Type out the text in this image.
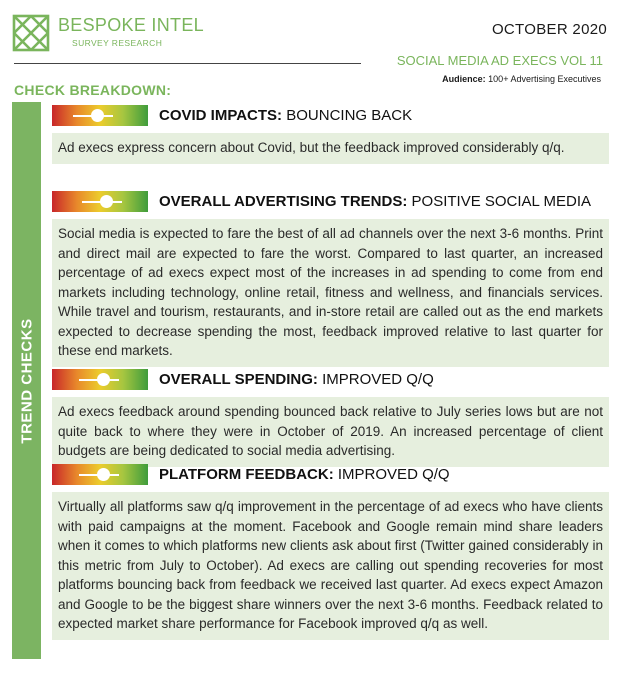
BESPOKE INTEL
SURVEY RESEARCH
OCTOBER 2020
SOCIAL MEDIA AD EXECS VOL 11
Audience: 100+ Advertising Executives
CHECK BREAKDOWN:
TREND CHECKS
COVID IMPACTS: BOUNCING BACK
Ad execs express concern about Covid, but the feedback improved considerably q/q.
OVERALL ADVERTISING TRENDS: POSITIVE SOCIAL MEDIA
Social media is expected to fare the best of all ad channels over the next 3-6 months. Print and direct mail are expected to fare the worst. Compared to last quarter, an increased percentage of ad execs expect most of the increases in ad spending to come from end markets including technology, online retail, fitness and wellness, and financials services. While travel and tourism, restaurants, and in-store retail are called out as the end markets expected to decrease spending the most, feedback improved relative to last quarter for these end markets.
OVERALL SPENDING: IMPROVED Q/Q
Ad execs feedback around spending bounced back relative to July series lows but are not quite back to where they were in October of 2019. An increased percentage of client budgets are being dedicated to social media advertising.
PLATFORM FEEDBACK: IMPROVED Q/Q
Virtually all platforms saw q/q improvement in the percentage of ad execs who have clients with paid campaigns at the moment. Facebook and Google remain mind share leaders when it comes to which platforms new clients ask about first (Twitter gained considerably in this metric from July to October). Ad execs are calling out spending recoveries for most platforms bouncing back from feedback we received last quarter. Ad execs expect Amazon and Google to be the biggest share winners over the next 3-6 months. Feedback related to expected market share performance for Facebook improved q/q as well.
